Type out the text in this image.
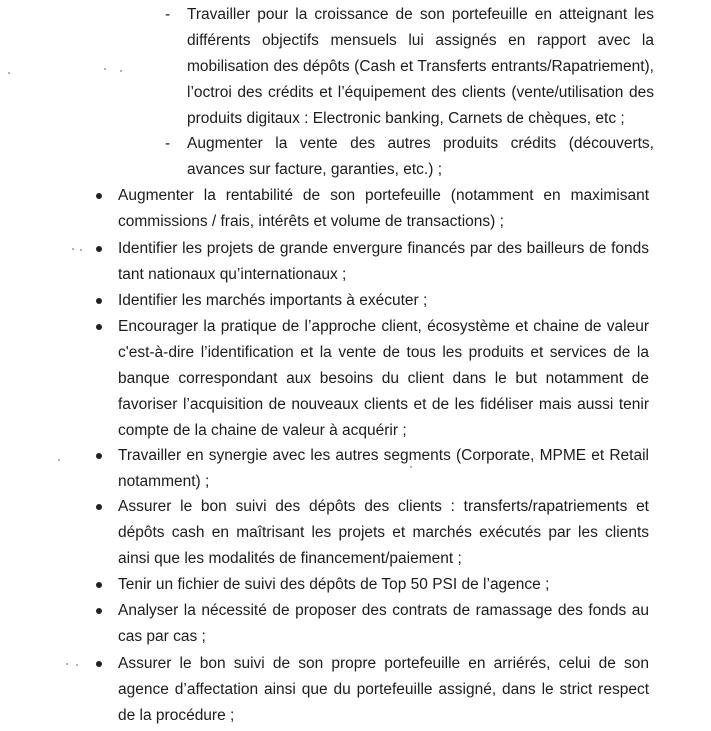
- Travailler pour la croissance de son portefeuille en atteignant les différents objectifs mensuels lui assignés en rapport avec la mobilisation des dépôts (Cash et Transferts entrants/Rapatriement), l’octroi des crédits et l’équipement des clients (vente/utilisation des produits digitaux : Electronic banking, Carnets de chèques, etc ;

- Augmenter la vente des autres produits crédits (découverts, avances sur facture, garanties, etc.) ;

Augmenter la rentabilité de son portefeuille (notamment en maximisant commissions / frais, intérêts et volume de transactions) ;

Identifier les projets de grande envergure financés par des bailleurs de fonds tant nationaux qu’internationaux ;

Identifier les marchés importants à exécuter ;

Encourager la pratique de l’approche client, écosystème et chaine de valeur c'est-à-dire l’identification et la vente de tous les produits et services de la banque correspondant aux besoins du client dans le but notamment de favoriser l’acquisition de nouveaux clients et de les fidéliser mais aussi tenir compte de la chaine de valeur à acquérir ;

Travailler en synergie avec les autres segments (Corporate, MPME et Retail notamment) ;

Assurer le bon suivi des dépôts des clients : transferts/rapatriements et dépôts cash en maîtrisant les projets et marchés exécutés par les clients ainsi que les modalités de financement/paiement ;

Tenir un fichier de suivi des dépôts de Top 50 PSI de l’agence ;

Analyser la nécessité de proposer des contrats de ramassage des fonds au cas par cas ;

Assurer le bon suivi de son propre portefeuille en arriérés, celui de son agence d’affectation ainsi que du portefeuille assigné, dans le strict respect de la procédure ;
